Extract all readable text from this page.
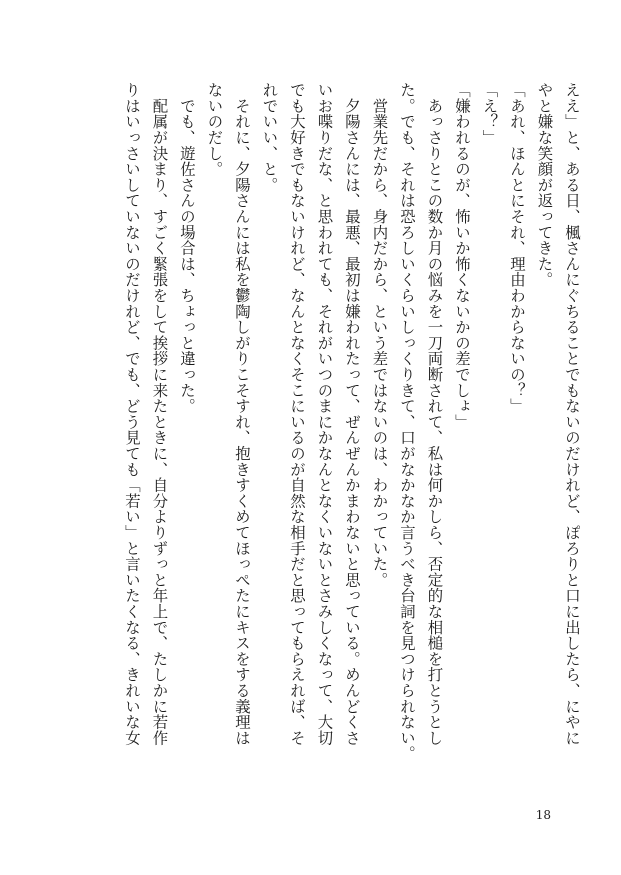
ええ」と、ある日、楓さんにぐちることでもないのだけれど、ぽろりと口に出したら、にやに
やと嫌な笑顔が返ってきた。
「あれ、ほんとにそれ、理由わからないの？」
「え？」
「嫌われるのが、怖いか怖くないかの差でしょ」
　あっさりとこの数か月の悩みを一刀両断されて、私は何かしら、否定的な相槌を打とうとし
た。でも、それは恐ろしいくらいしっくりきて、口がなかなか言うべき台詞を見つけられない。
　営業先だから、身内だから、という差ではないのは、わかっていた。
　夕陽さんには、最悪、最初は嫌われたって、ぜんぜんかまわないと思っている。めんどくさ
いお喋りだな、と思われても、それがいつのまにかなんとなくいないとさみしくなって、大切
でも大好きでもないけれど、なんとなくそこにいるのが自然な相手だと思ってもらえれば、そ
れでいい、と。
　それに、夕陽さんには私を鬱陶しがりこそすれ、抱きすくめてほっぺたにキスをする義理は
ないのだし。
　でも、遊佐さんの場合は、ちょっと違った。
　配属が決まり、すごく緊張をして挨拶に来たときに、自分よりずっと年上で、たしかに若作
りはいっさいしていないのだけれど、でも、どう見ても「若い」と言いたくなる、きれいな女
18
